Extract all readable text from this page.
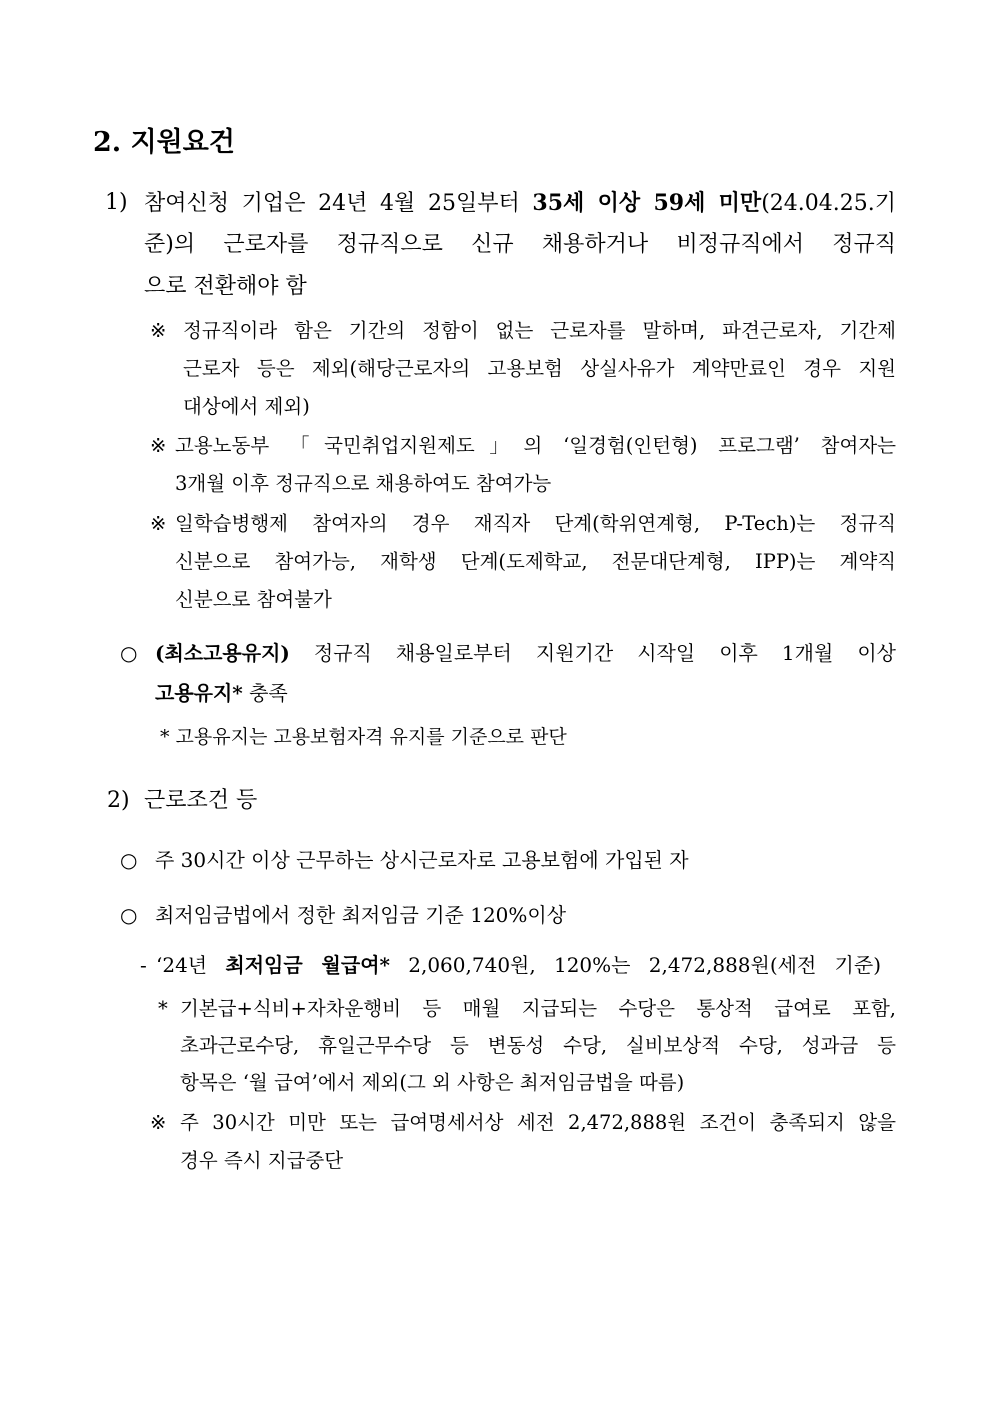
2. 지원요건
1) 참여신청 기업은 24년 4월 25일부터 35세 이상 59세 미만(24.04.25.기
준)의 근로자를 정규직으로 신규 채용하거나 비정규직에서 정규직
으로 전환해야 함
※ 정규직이라 함은 기간의 정함이 없는 근로자를 말하며, 파견근로자, 기간제
근로자 등은 제외(해당근로자의 고용보험 상실사유가 계약만료인 경우 지원
대상에서 제외)
※ 고용노동부 「국민취업지원제도」의 ‘일경험(인턴형) 프로그램’ 참여자는
3개월 이후 정규직으로 채용하여도 참여가능
※ 일학습병행제 참여자의 경우 재직자 단계(학위연계형, P-Tech)는 정규직
신분으로 참여가능, 재학생 단계(도제학교, 전문대단계형, IPP)는 계약직
신분으로 참여불가
○ (최소고용유지) 정규직 채용일로부터 지원기간 시작일 이후 1개월 이상
고용유지* 충족
* 고용유지는 고용보험자격 유지를 기준으로 판단
2) 근로조건 등
○ 주 30시간 이상 근무하는 상시근로자로 고용보험에 가입된 자
○ 최저임금법에서 정한 최저임금 기준 120%이상
- ‘24년 최저임금 월급여* 2,060,740원, 120%는 2,472,888원(세전 기준)
* 기본급+식비+자차운행비 등 매월 지급되는 수당은 통상적 급여로 포함,
초과근로수당, 휴일근무수당 등 변동성 수당, 실비보상적 수당, 성과금 등
항목은 ‘월 급여’에서 제외(그 외 사항은 최저임금법을 따름)
※ 주 30시간 미만 또는 급여명세서상 세전 2,472,888원 조건이 충족되지 않을
경우 즉시 지급중단
